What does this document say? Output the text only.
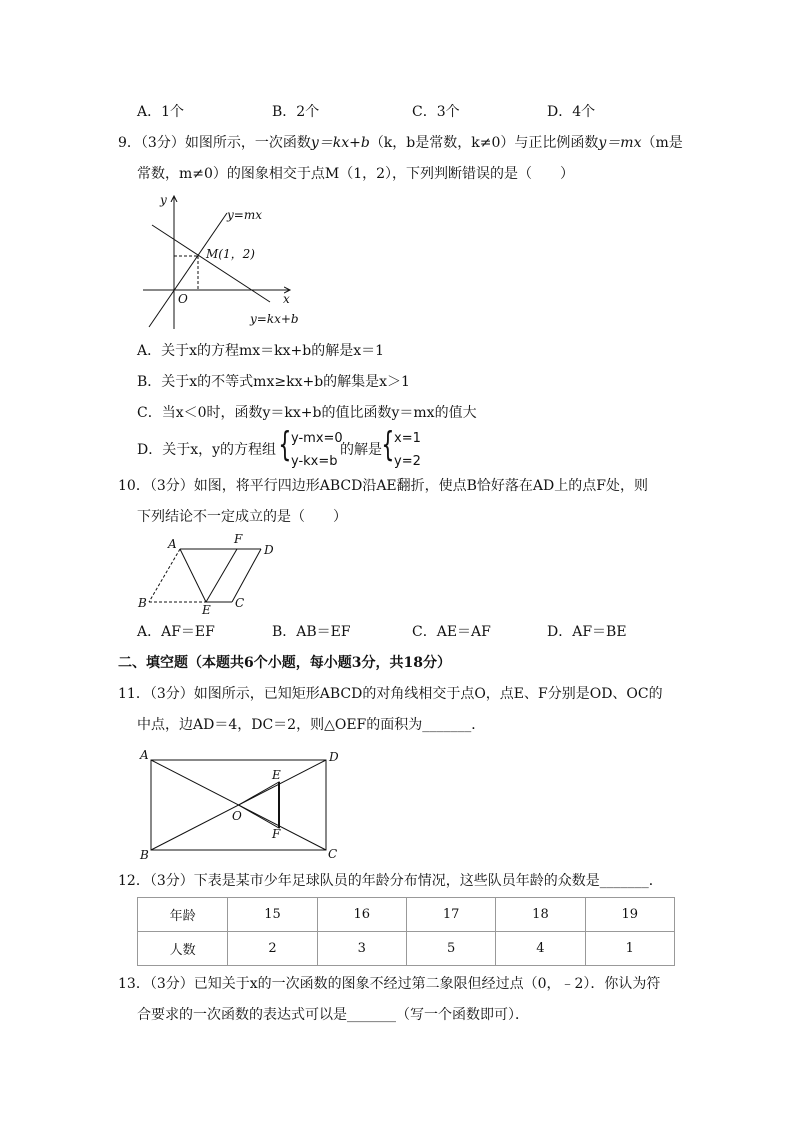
A．1个	B．2个	C．3个	D．4个
9．（3分）如图所示，一次函数y＝kx+b（k，b是常数，k≠0）与正比例函数y＝mx（m是
常数，m≠0）的图象相交于点M（1，2），下列判断错误的是（　　）
y
x
O
M(1，2)
y=mx
y=kx+b
A．关于x的方程mx＝kx+b的解是x＝1
B．关于x的不等式mx≥kx+b的解集是x＞1
C．当x＜0时，函数y＝kx+b的值比函数y＝mx的值大
D．关于x，y的方程组 { y-mx=0
y-kx=b
的解是 { x=1
y=2
10．（3分）如图，将平行四边形ABCD沿AE翻折，使点B恰好落在AD上的点F处，则
下列结论不一定成立的是（　　）
A	F
D
B	E C
A．AF＝EF	B．AB＝EF	C．AE＝AF	D．AF＝BE
二、填空题（本题共6个小题，每小题3分，共18分）
11．（3分）如图所示，已知矩形ABCD的对角线相交于点O，点E、F分别是OD、OC的
中点，边AD＝4，DC＝2，则△OEF的面积为_______．
A	D
B	C
E
F
O
12．（3分）下表是某市少年足球队员的年龄分布情况，这些队员年龄的众数是_______．
年龄	15	16	17	18	19
人数	2	3	5	4	1
13．（3分）已知关于x的一次函数的图象不经过第二象限但经过点（0，﹣2）．你认为符
合要求的一次函数的表达式可以是_______（写一个函数即可）．
